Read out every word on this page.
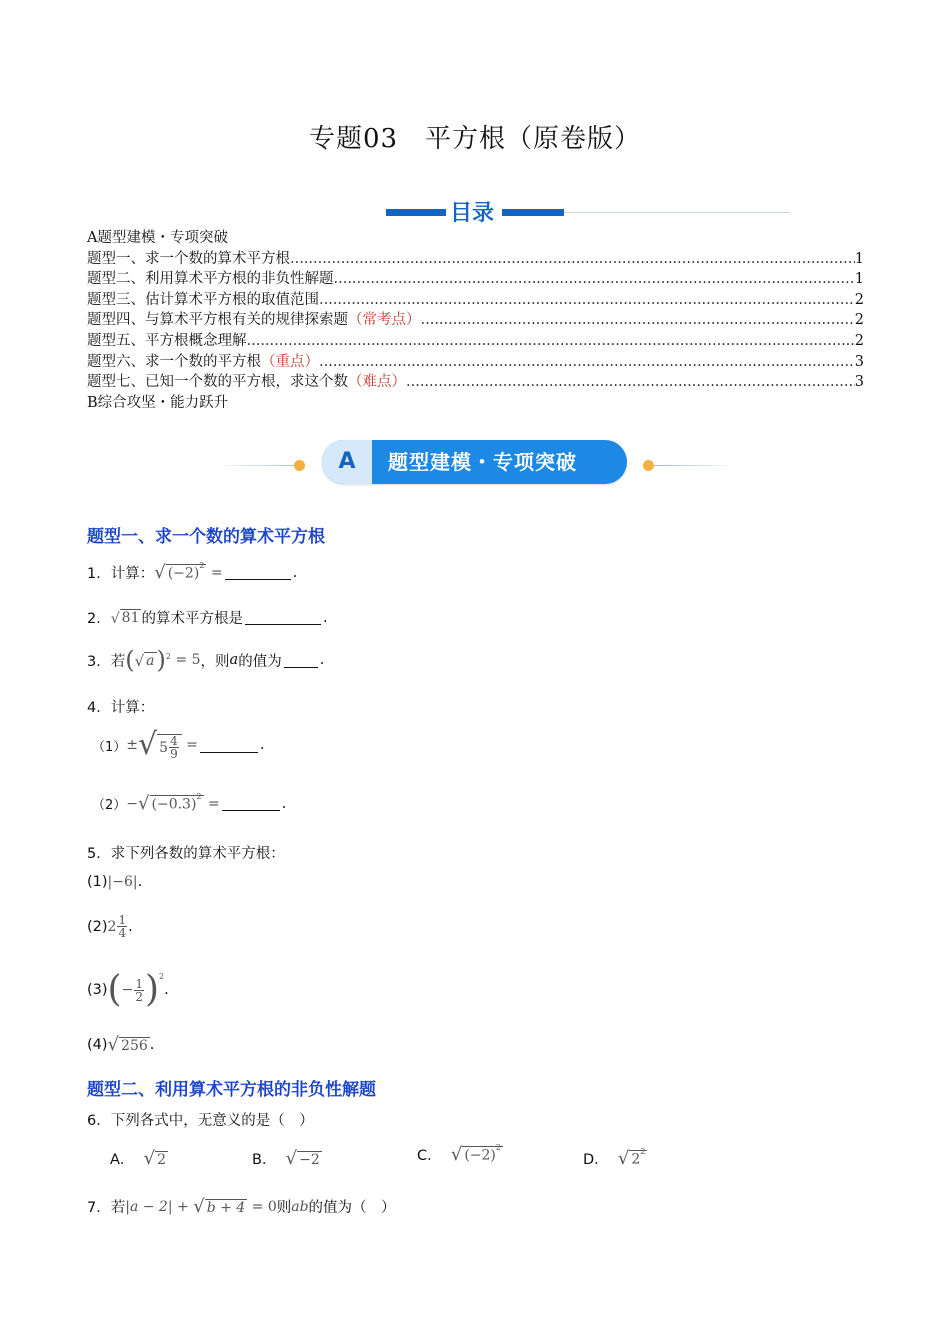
专题03　平方根（原卷版）
目录
A题型建模・专项突破
题型一、求一个数的算术平方根 .....	1
题型二、利用算术平方根的非负性解题 .....	1
题型三、估计算术平方根的取值范围 .....	2
题型四、与算术平方根有关的规律探索题 （常考点） .....	2
题型五、平方根概念理解 .....	2
题型六、求一个数的平方根 （重点） .....	3
题型七、已知一个数的平方根，求这个数 （难点） .....	3
B综合攻坚・能力跃升
A	题型建模・专项突破
题型一、求一个数的算术平方根
1． 计算： √ $(-2)^2$
=	.
2． √ 81 的算术平方根是	.
3． 若 ( √ a ) 2
= 5 ，则 a 的值为	.
4． 计算：
（1） ± √ $5 \frac{4}{9}$
=	.
（2） − √ $(-0.3)^2$
=	.
5． 求下列各数的算术平方根：
(1) |−6| .
(2) $2 \frac{1}{4}$ .
(3) ( − $\frac{1}{2}$ ) 2
.
(4) √ 256 .
题型二、利用算术平方根的非负性解题
6． 下列各式中，无意义的是（　）
A．
√ 2	B．
√ −2	C．
√ $(-2)^2$
D．
√ $2^2$
7． 若 | a − 2 | +
√ b + 4
= 0 则 ab 的值为（　）
